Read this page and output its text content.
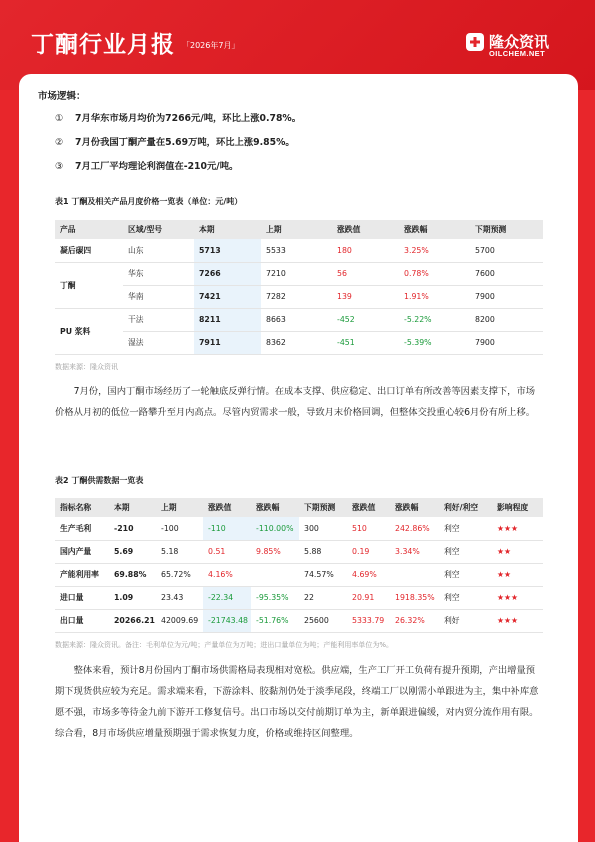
丁酮行业月报 「2026年7月」	隆众资讯
OILCHEM.NET
市场逻辑：
① 7月华东市场月均价为7266元/吨，环比上涨0.78%。
② 7月份我国丁酮产量在5.69万吨，环比上涨9.85%。
③ 7月工厂平均理论利润值在-210元/吨。
表1 丁酮及相关产品月度价格一览表（单位：元/吨）
产品	区域/型号	本期	上期	涨跌值	涨跌幅	下期预测
凝后碳四	山东	5713	5533	180	3.25%	5700
丁酮	华东	7266	7210	56	0.78%	7600
	华南	7421	7282	139	1.91%	7900
PU 浆料	干法	8211	8663	-452	-5.22%	8200
	湿法	7911	8362	-451	-5.39%	7900
数据来源：隆众资讯
7月份，国内丁酮市场经历了一轮触底反弹行情。在成本支撑、供应稳定、出口订单有所改善等因素支撑下，市场价格从月初的低位一路攀升至月内高点。尽管内贸需求一般，导致月末价格回调，但整体交投重心较6月份有所上移。
表2 丁酮供需数据一览表
指标名称	本期	上期	涨跌值	涨跌幅	下期预测	涨跌值	涨跌幅	利好/利空	影响程度
生产毛利	-210	-100	-110	-110.00%	300	510	242.86%	利空	★★★
国内产量	5.69	5.18	0.51	9.85%	5.88	0.19	3.34%	利空	★★
产能利用率	69.88%	65.72%	4.16%		74.57%	4.69%		利空	★★
进口量	1.09	23.43	-22.34	-95.35%	22	20.91	1918.35%	利空	★★★
出口量	20266.21	42009.69	-21743.48	-51.76%	25600	5333.79	26.32%	利好	★★★
数据来源：隆众资讯。备注：毛利单位为元/吨；产量单位为万吨；进出口量单位为吨；产能利用率单位为%。
整体来看，预计8月份国内丁酮市场供需格局表现相对宽松。供应端，生产工厂开工负荷有提升预期，产出增量预期下现货供应较为充足。需求端来看，下游涂料、胶黏剂仍处于淡季尾段，终端工厂以刚需小单跟进为主，集中补库意愿不强，市场多等待金九前下游开工修复信号。出口市场以交付前期订单为主，新单跟进偏缓，对内贸分流作用有限。综合看，8月市场供应增量预期强于需求恢复力度，价格或维持区间整理。
